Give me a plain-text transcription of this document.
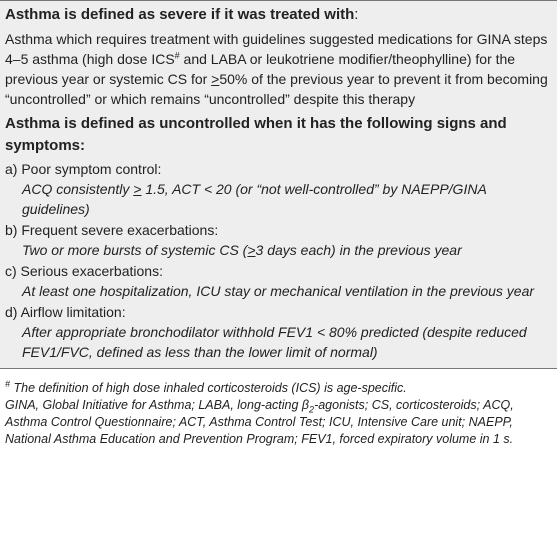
Asthma is defined as severe if it was treated with:

Asthma which requires treatment with guidelines suggested medications for GINA steps 4–5 asthma (high dose ICS# and LABA or leukotriene modifier/theophylline) for the previous year or systemic CS for >50% of the previous year to prevent it from becoming “uncontrolled” or which remains “uncontrolled” despite this therapy

Asthma is defined as uncontrolled when it has the following signs and symptoms:

a) Poor symptom control:

ACQ consistently > 1.5, ACT < 20 (or “not well-controlled” by NAEPP/GINA guidelines)

b) Frequent severe exacerbations:

Two or more bursts of systemic CS (>3 days each) in the previous year

c) Serious exacerbations:

At least one hospitalization, ICU stay or mechanical ventilation in the previous year

d) Airflow limitation:

After appropriate bronchodilator withhold FEV1 < 80% predicted (despite reduced FEV1/FVC, defined as less than the lower limit of normal)

# The definition of high dose inhaled corticosteroids (ICS) is age-specific.

GINA, Global Initiative for Asthma; LABA, long-acting $\beta_2$-agonists; CS, corticosteroids; ACQ, Asthma Control Questionnaire; ACT, Asthma Control Test; ICU, Intensive Care unit; NAEPP, National Asthma Education and Prevention Program; FEV1, forced expiratory volume in 1 s.
